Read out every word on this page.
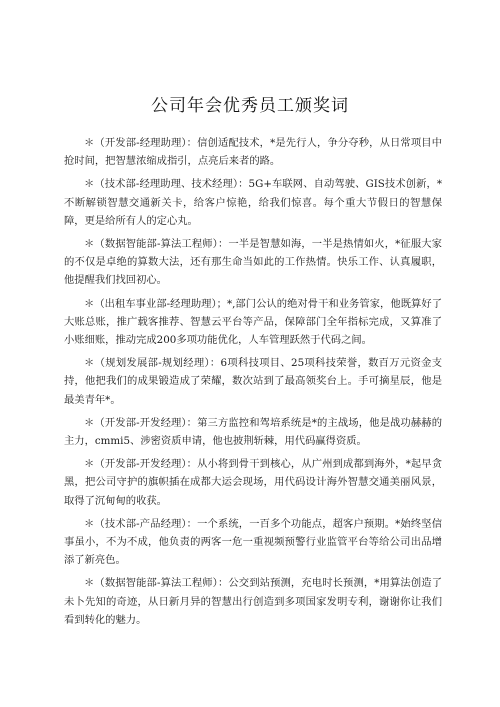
公司年会优秀员工颁奖词

＊（开发部-经理助理）：信创适配技术，*是先行人，争分夺秒，从日常项目中抢时间，把智慧浓缩成指引，点亮后来者的路。

＊（技术部-经理助理、技术经理）：5G+车联网、自动驾驶、GIS技术创新，*不断解锁智慧交通新关卡，给客户惊艳，给我们惊喜。每个重大节假日的智慧保障，更是给所有人的定心丸。

＊（数据智能部-算法工程师）：一半是智慧如海，一半是热情如火，*征服大家的不仅是卓绝的算数大法，还有那生命当如此的工作热情。快乐工作、认真履职，他提醒我们找回初心。

＊（出租车事业部-经理助理）；*,部门公认的绝对骨干和业务管家，他既算好了大账总账，推广载客推荐、智慧云平台等产品，保障部门全年指标完成，又算准了小账细账，推动完成200多项功能优化，人车管理跃然于代码之间。

＊（规划发展部-规划经理）：6项科技项目、25项科技荣誉，数百万元资金支持，他把我们的成果锻造成了荣耀，数次站到了最高领奖台上。手可摘星辰，他是最美青年*。

＊（开发部-开发经理）：第三方监控和驾培系统是*的主战场，他是战功赫赫的主力，cmmi5、涉密资质申请，他也披荆斩棘，用代码赢得资质。

＊（开发部-开发经理）：从小将到骨干到核心，从广州到成都到海外，*起早贪黑，把公司守护的旗帜插在成都大运会现场，用代码设计海外智慧交通美丽风景，取得了沉甸甸的收获。

＊（技术部-产品经理）：一个系统，一百多个功能点，超客户预期。*始终坚信事虽小，不为不成，他负责的两客一危一重视频预警行业监管平台等给公司出品增添了新亮色。

＊（数据智能部-算法工程师）：公交到站预测，充电时长预测，*用算法创造了未卜先知的奇迹，从日新月异的智慧出行创造到多项国家发明专利，谢谢你让我们看到转化的魅力。
